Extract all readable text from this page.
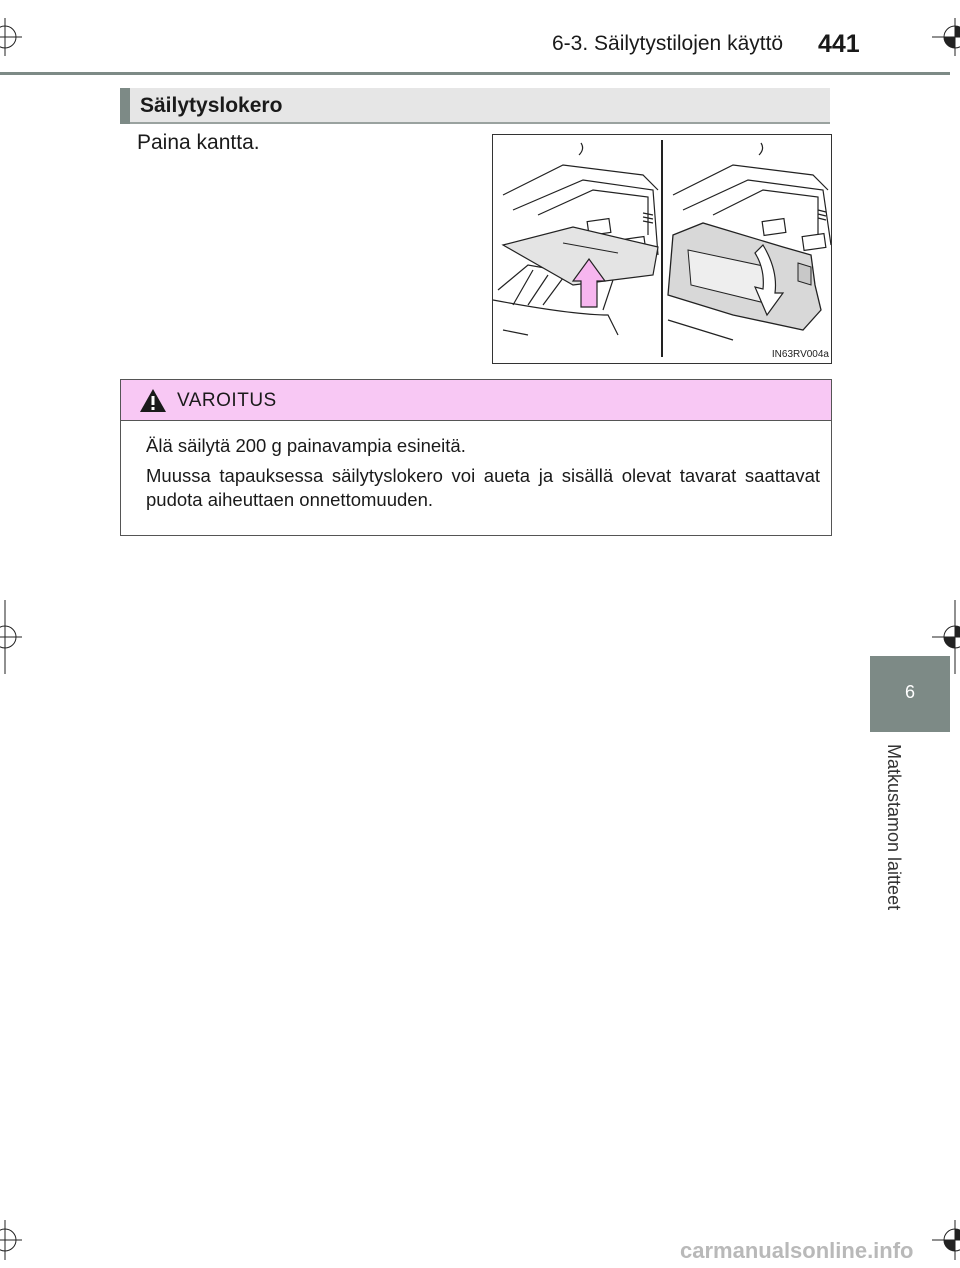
6-3. Säilytystilojen käyttö 441
Säilytyslokero
Paina kantta.
IN63RV004a
VAROITUS
Älä säilytä 200 g painavampia esineitä.
Muussa tapauksessa säilytyslokero voi aueta ja sisällä olevat tavarat saattavat pudota aiheuttaen onnettomuuden.
6
Matkustamon laitteet
carmanualsonline.info
